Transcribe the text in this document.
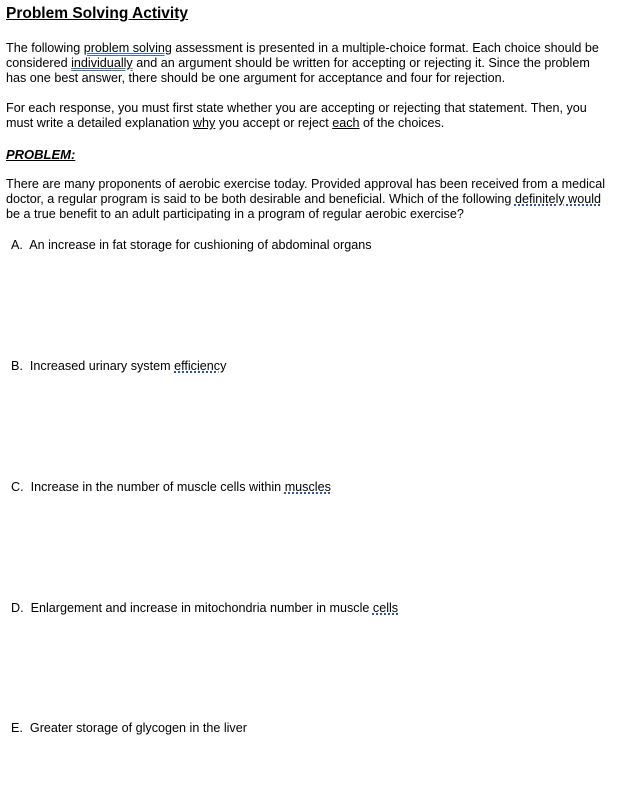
Problem Solving Activity
The following problem solving assessment is presented in a multiple-choice format. Each choice should be considered individually and an argument should be written for accepting or rejecting it. Since the problem has one best answer, there should be one argument for acceptance and four for rejection.
For each response, you must first state whether you are accepting or rejecting that statement. Then, you must write a detailed explanation why you accept or reject each of the choices.
PROBLEM:
There are many proponents of aerobic exercise today. Provided approval has been received from a medical doctor, a regular program is said to be both desirable and beneficial. Which of the following definitely would be a true benefit to an adult participating in a program of regular aerobic exercise?
A. An increase in fat storage for cushioning of abdominal organs
B. Increased urinary system efficiency
C. Increase in the number of muscle cells within muscles
D. Enlargement and increase in mitochondria number in muscle cells
E. Greater storage of glycogen in the liver
